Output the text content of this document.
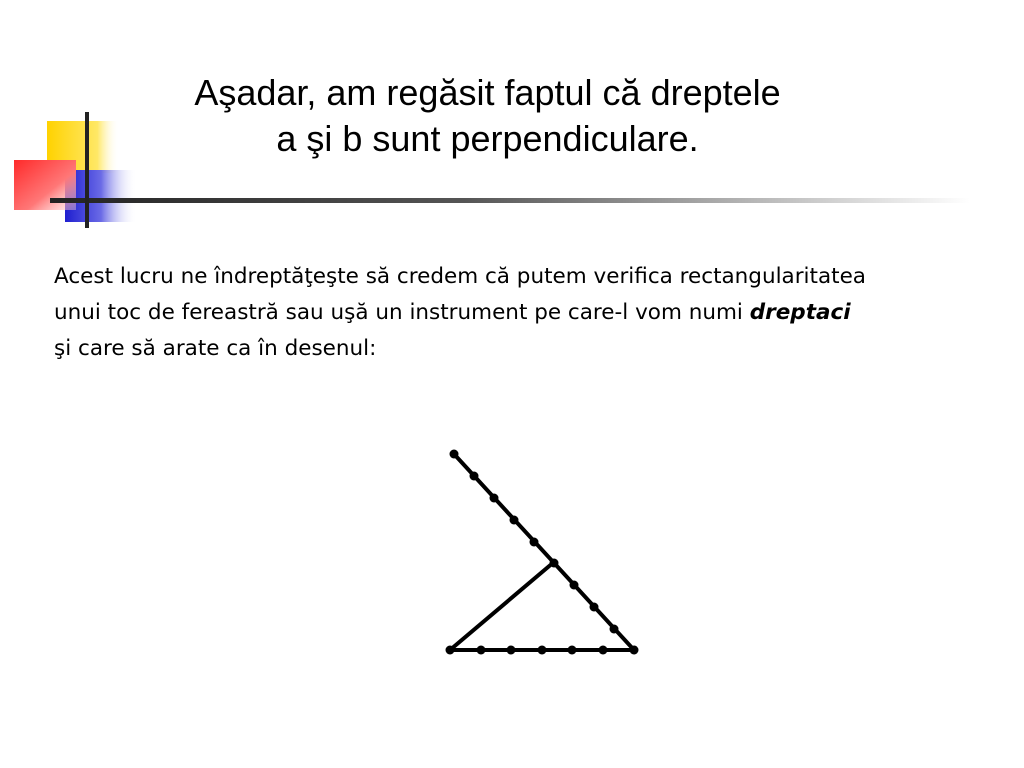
Aşadar, am regăsit faptul că dreptele
a şi b sunt perpendiculare.
Acest lucru ne îndreptăţeşte să credem că putem verifica rectangularitatea
unui toc de fereastră sau uşă un instrument pe care-l vom numi dreptaci
şi care să arate ca în desenul:
